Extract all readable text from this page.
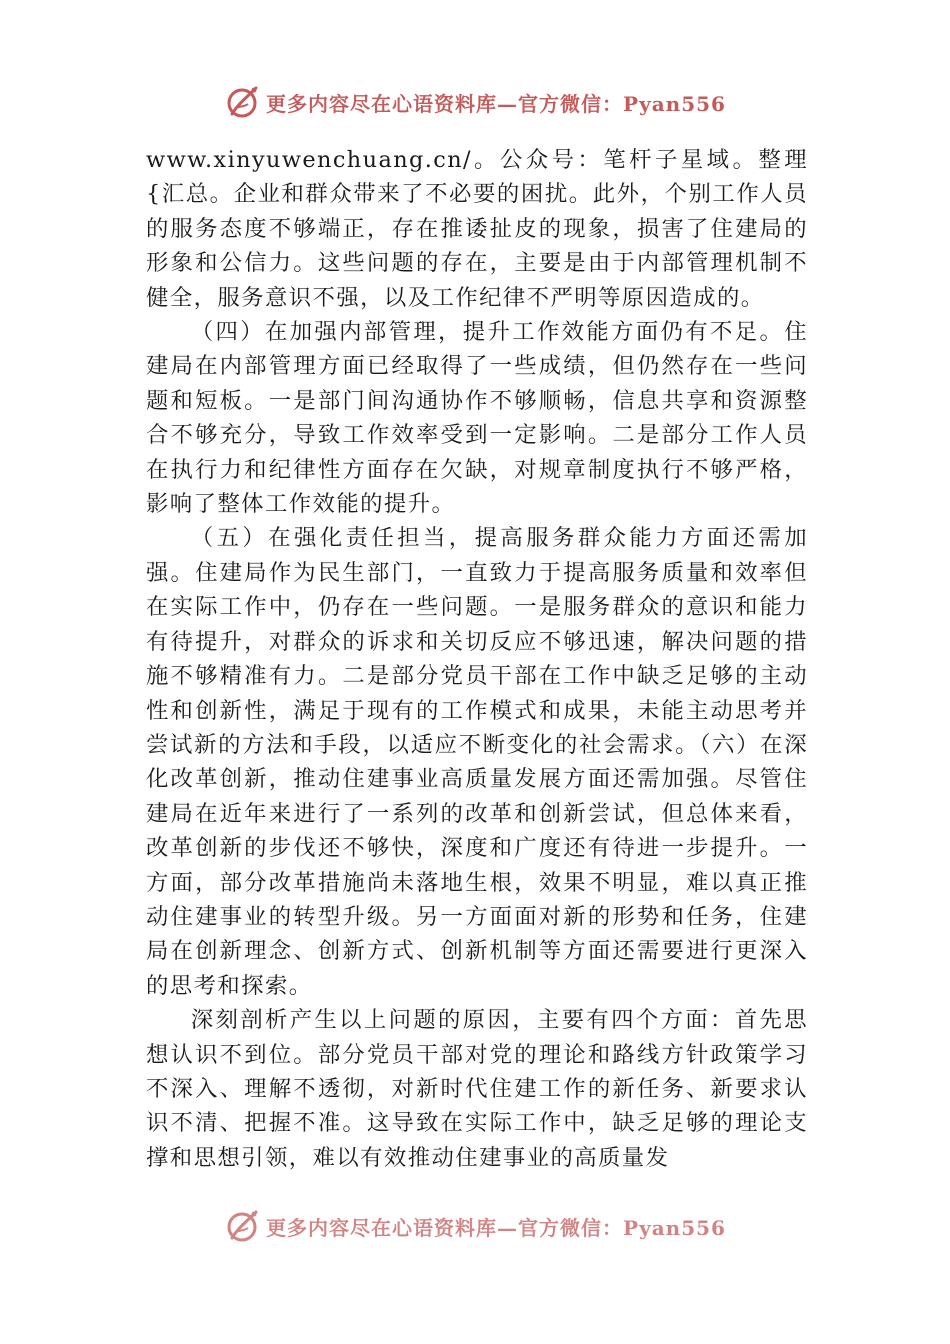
更多内容尽在心语资料库—官方微信：Pyan556

www.xinyuwenchuang.cn/。公众号：笔杆子星域。整理{汇总。企业和群众带来了不必要的困扰。此外，个别工作人员的服务态度不够端正，存在推诿扯皮的现象，损害了住建局的形象和公信力。这些问题的存在，主要是由于内部管理机制不健全，服务意识不强，以及工作纪律不严明等原因造成的。

（四）在加强内部管理，提升工作效能方面仍有不足。住建局在内部管理方面已经取得了一些成绩，但仍然存在一些问题和短板。一是部门间沟通协作不够顺畅，信息共享和资源整合不够充分，导致工作效率受到一定影响。二是部分工作人员在执行力和纪律性方面存在欠缺，对规章制度执行不够严格，影响了整体工作效能的提升。

（五）在强化责任担当，提高服务群众能力方面还需加强。住建局作为民生部门，一直致力于提高服务质量和效率但在实际工作中，仍存在一些问题。一是服务群众的意识和能力有待提升，对群众的诉求和关切反应不够迅速，解决问题的措施不够精准有力。二是部分党员干部在工作中缺乏足够的主动性和创新性，满足于现有的工作模式和成果，未能主动思考并尝试新的方法和手段，以适应不断变化的社会需求。（六）在深化改革创新，推动住建事业高质量发展方面还需加强。尽管住建局在近年来进行了一系列的改革和创新尝试，但总体来看，改革创新的步伐还不够快，深度和广度还有待进一步提升。一方面，部分改革措施尚未落地生根，效果不明显，难以真正推动住建事业的转型升级。另一方面面对新的形势和任务，住建局在创新理念、创新方式、创新机制等方面还需要进行更深入的思考和探索。

深刻剖析产生以上问题的原因，主要有四个方面：首先思想认识不到位。部分党员干部对党的理论和路线方针政策学习不深入、理解不透彻，对新时代住建工作的新任务、新要求认识不清、把握不准。这导致在实际工作中，缺乏足够的理论支撑和思想引领，难以有效推动住建事业的高质量发

更多内容尽在心语资料库—官方微信：Pyan556
